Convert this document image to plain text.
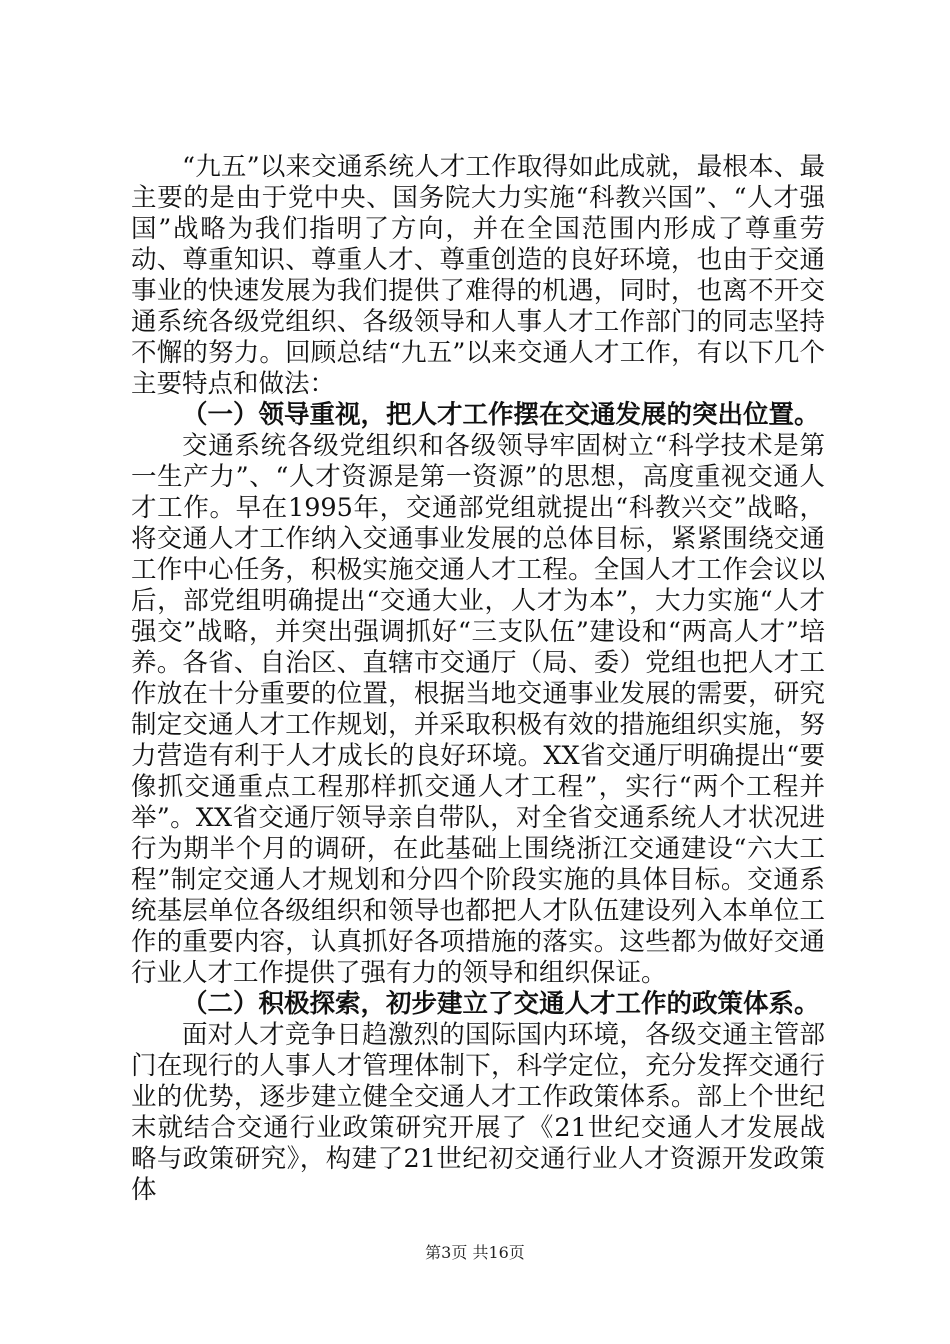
“九五”以来交通系统人才工作取得如此成就，最根本、最主要的是由于党中央、国务院大力实施“科教兴国”、“人才强国”战略为我们指明了方向，并在全国范围内形成了尊重劳动、尊重知识、尊重人才、尊重创造的良好环境，也由于交通事业的快速发展为我们提供了难得的机遇，同时，也离不开交通系统各级党组织、各级领导和人事人才工作部门的同志坚持不懈的努力。回顾总结“九五”以来交通人才工作，有以下几个主要特点和做法：

（一）领导重视，把人才工作摆在交通发展的突出位置。

交通系统各级党组织和各级领导牢固树立“科学技术是第一生产力”、“人才资源是第一资源”的思想，高度重视交通人才工作。早在1995年，交通部党组就提出“科教兴交”战略，将交通人才工作纳入交通事业发展的总体目标，紧紧围绕交通工作中心任务，积极实施交通人才工程。全国人才工作会议以后，部党组明确提出“交通大业，人才为本”，大力实施“人才强交”战略，并突出强调抓好“三支队伍”建设和“两高人才”培养。各省、自治区、直辖市交通厅（局、委）党组也把人才工作放在十分重要的位置，根据当地交通事业发展的需要，研究制定交通人才工作规划，并采取积极有效的措施组织实施，努力营造有利于人才成长的良好环境。XX省交通厅明确提出“要像抓交通重点工程那样抓交通人才工程”，实行“两个工程并举”。XX省交通厅领导亲自带队，对全省交通系统人才状况进行为期半个月的调研，在此基础上围绕浙江交通建设“六大工程”制定交通人才规划和分四个阶段实施的具体目标。交通系统基层单位各级组织和领导也都把人才队伍建设列入本单位工作的重要内容，认真抓好各项措施的落实。这些都为做好交通行业人才工作提供了强有力的领导和组织保证。

（二）积极探索，初步建立了交通人才工作的政策体系。

面对人才竞争日趋激烈的国际国内环境，各级交通主管部门在现行的人事人才管理体制下，科学定位，充分发挥交通行业的优势，逐步建立健全交通人才工作政策体系。部上个世纪末就结合交通行业政策研究开展了《21世纪交通人才发展战略与政策研究》，构建了21世纪初交通行业人才资源开发政策体

第3页 共16页
